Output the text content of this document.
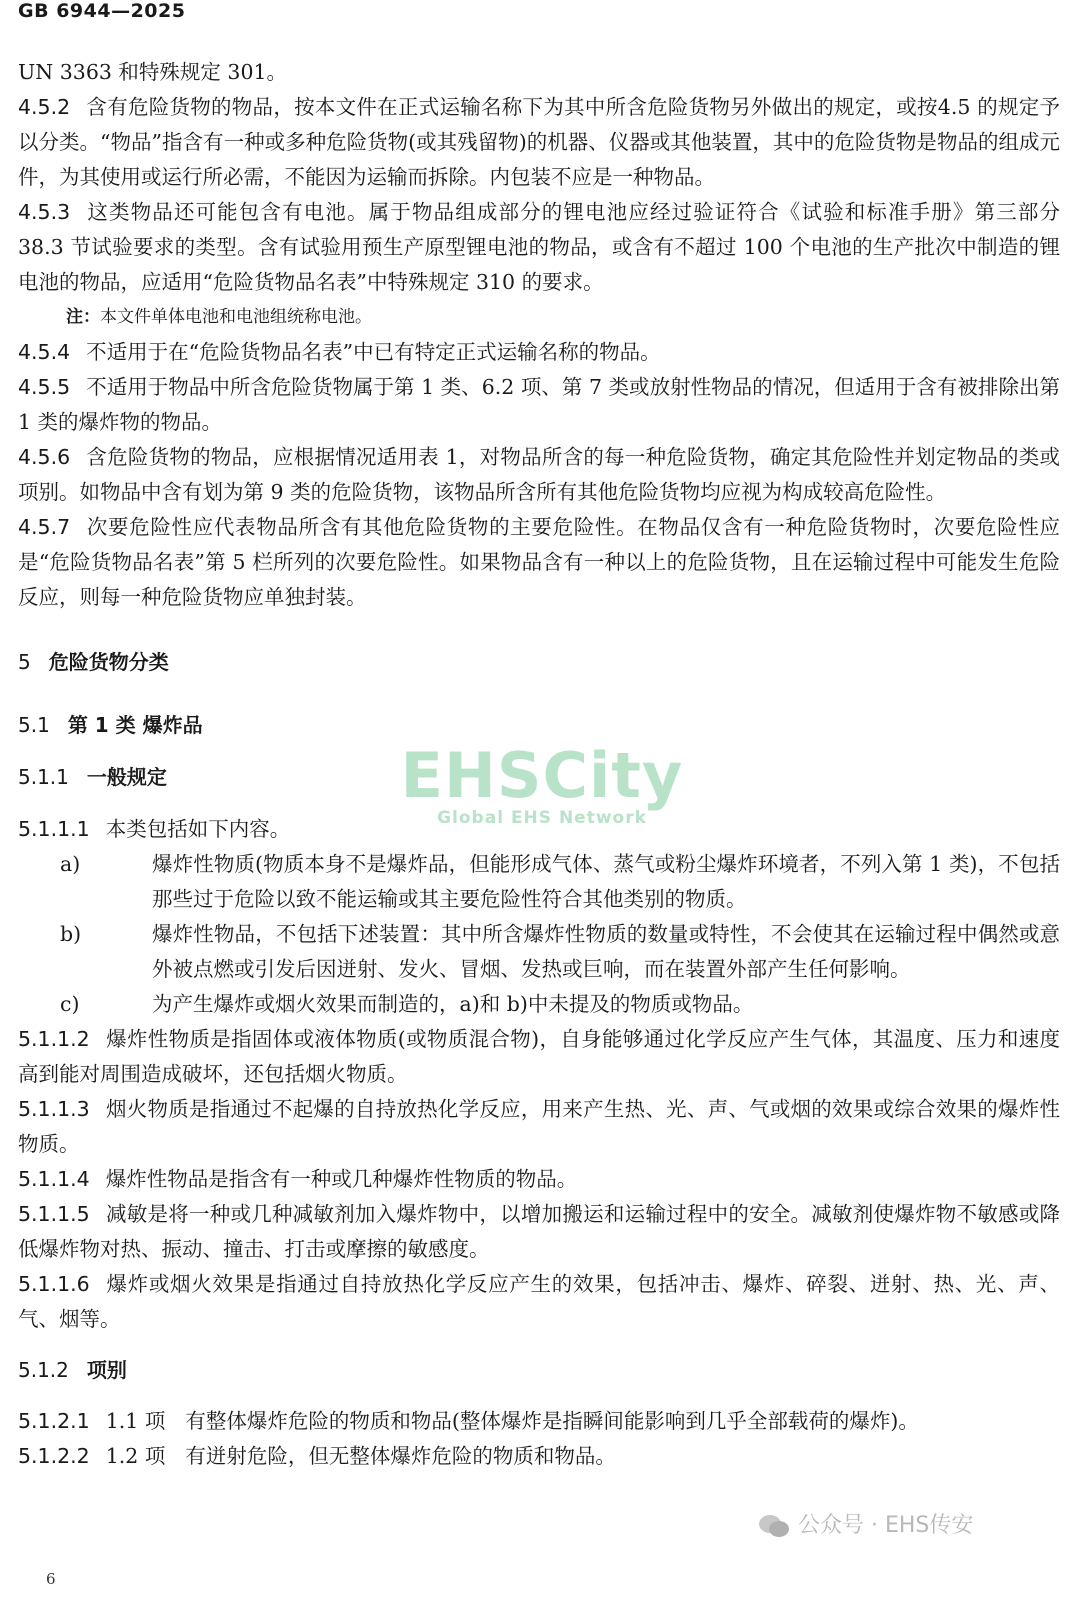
GB 6944—2025

UN 3363 和特殊规定 301。

4.5.2 含有危险货物的物品，按本文件在正式运输名称下为其中所含危险货物另外做出的规定，或按4.5 的规定予以分类。“物品”指含有一种或多种危险货物(或其残留物)的机器、仪器或其他装置，其中的危险货物是物品的组成元件，为其使用或运行所必需，不能因为运输而拆除。内包装不应是一种物品。

4.5.3 这类物品还可能包含有电池。属于物品组成部分的锂电池应经过验证符合《试验和标准手册》第三部分 38.3 节试验要求的类型。含有试验用预生产原型锂电池的物品，或含有不超过 100 个电池的生产批次中制造的锂电池的物品，应适用“危险货物品名表”中特殊规定 310 的要求。

注：本文件单体电池和电池组统称电池。

4.5.4 不适用于在“危险货物品名表”中已有特定正式运输名称的物品。

4.5.5 不适用于物品中所含危险货物属于第 1 类、6.2 项、第 7 类或放射性物品的情况，但适用于含有被排除出第 1 类的爆炸物的物品。

4.5.6 含危险货物的物品，应根据情况适用表 1，对物品所含的每一种危险货物，确定其危险性并划定物品的类或项别。如物品中含有划为第 9 类的危险货物，该物品所含所有其他危险货物均应视为构成较高危险性。

4.5.7 次要危险性应代表物品所含有其他危险货物的主要危险性。在物品仅含有一种危险货物时，次要危险性应是“危险货物品名表”第 5 栏所列的次要危险性。如果物品含有一种以上的危险货物，且在运输过程中可能发生危险反应，则每一种危险货物应单独封装。

5 危险货物分类

5.1 第 1 类 爆炸品

5.1.1 一般规定

5.1.1.1 本类包括如下内容。

a)	爆炸性物质(物质本身不是爆炸品，但能形成气体、蒸气或粉尘爆炸环境者，不列入第 1 类)，不包括那些过于危险以致不能运输或其主要危险性符合其他类别的物质。
b)	爆炸性物品，不包括下述装置：其中所含爆炸性物质的数量或特性，不会使其在运输过程中偶然或意外被点燃或引发后因迸射、发火、冒烟、发热或巨响，而在装置外部产生任何影响。
c)	为产生爆炸或烟火效果而制造的，a)和 b)中未提及的物质或物品。

5.1.1.2 爆炸性物质是指固体或液体物质(或物质混合物)，自身能够通过化学反应产生气体，其温度、压力和速度高到能对周围造成破坏，还包括烟火物质。

5.1.1.3 烟火物质是指通过不起爆的自持放热化学反应，用来产生热、光、声、气或烟的效果或综合效果的爆炸性物质。

5.1.1.4 爆炸性物品是指含有一种或几种爆炸性物质的物品。

5.1.1.5 减敏是将一种或几种减敏剂加入爆炸物中，以增加搬运和运输过程中的安全。减敏剂使爆炸物不敏感或降低爆炸物对热、振动、撞击、打击或摩擦的敏感度。

5.1.1.6 爆炸或烟火效果是指通过自持放热化学反应产生的效果，包括冲击、爆炸、碎裂、迸射、热、光、声、气、烟等。

5.1.2 项别

5.1.2.1 1.1 项 有整体爆炸危险的物质和物品(整体爆炸是指瞬间能影响到几乎全部载荷的爆炸)。

5.1.2.2 1.2 项 有迸射危险，但无整体爆炸危险的物质和物品。

EHSCity
Global EHS Network
公众号 · EHS传安
6
